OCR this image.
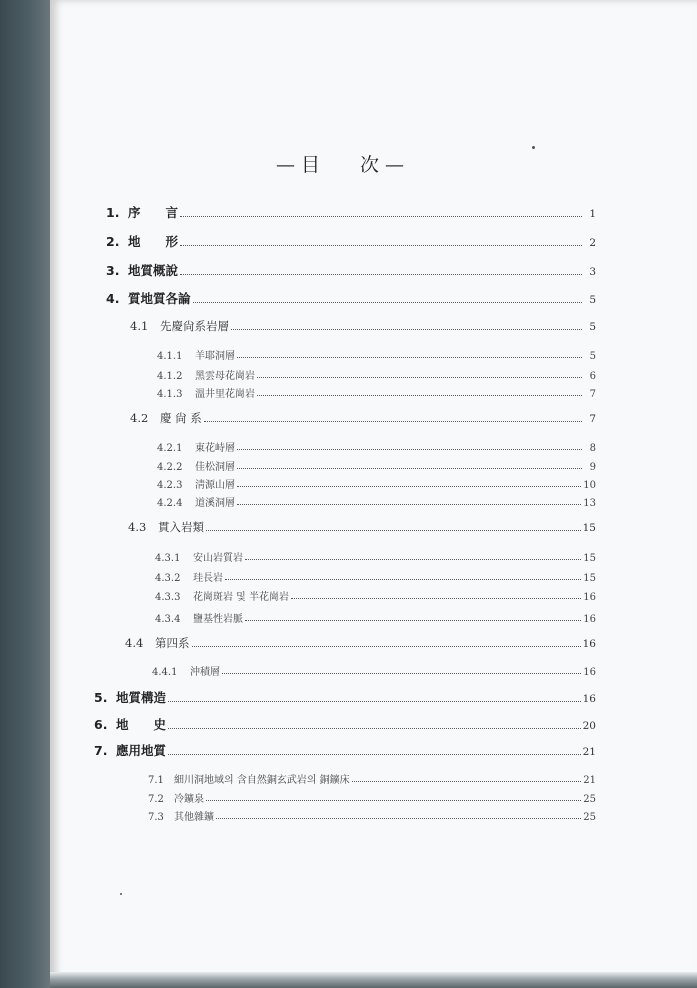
— 目 次 —
1. 序　　言	1
2. 地　　形	2
3. 地質概說	3
4. 質地質各論	5
4.1	先慶尙系岩層	5
4.1.1	羊耶洞層	5
4.1.2	黑雲母花崗岩	6
4.1.3	溫井里花崗岩	7
4.2	慶 尙 系	7
4.2.1	東花峙層	8
4.2.2	佳松洞層	9
4.2.3	淸源山層	10
4.2.4	道溪洞層	13
4.3	貫入岩類	15
4.3.1	安山岩質岩	15
4.3.2	珪長岩	15
4.3.3	花崗斑岩 및 半花崗岩	16
4.3.4	鹽基性岩脈	16
4.4	第四系	16
4.4.1	沖積層	16
5. 地質構造	16
6. 地　　史	20
7. 應用地質	21
7.1	細川洞地域의 含自然銅玄武岩의 銅鑛床	21
7.2	冷鑛泉	25
7.3	其他雜鑛	25
